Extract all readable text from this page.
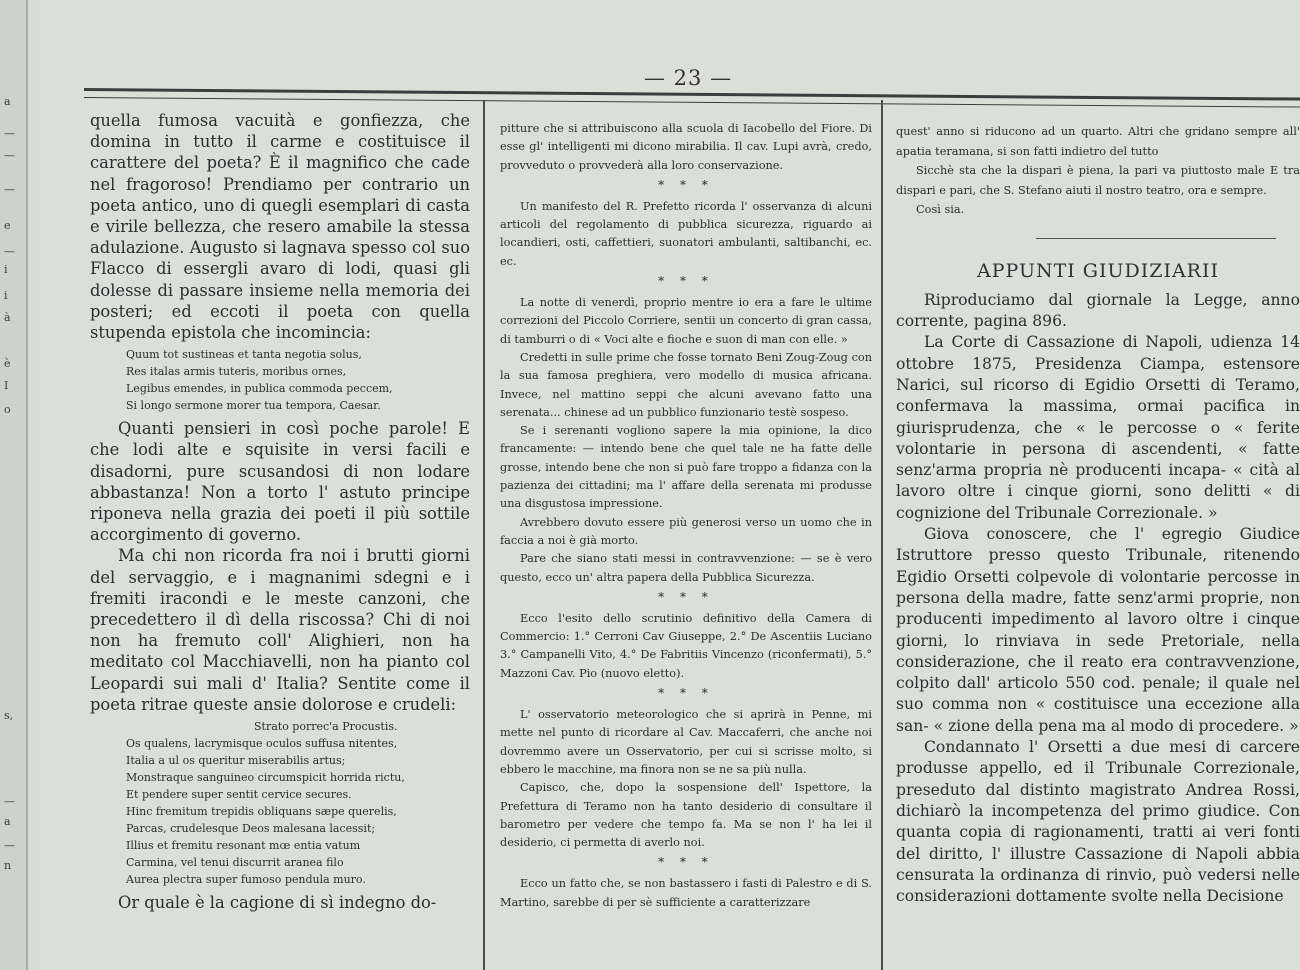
a
—
—
—
e
—
i
i
à
è
I
o
s,
—
a
—
n
— 23 —

quella fumosa vacuità e gonfiezza, che domina in tutto il carme e costituisce il carattere del poeta? È il magnifico che cade nel fragoroso! Prendiamo per contrario un poeta antico, uno di quegli esemplari di casta e virile bellezza, che resero amabile la stessa adulazione. Augusto si lagnava spesso col suo Flacco di essergli avaro di lodi, quasi gli dolesse di passare insieme nella memoria dei posteri; ed eccoti il poeta con quella stupenda epistola che incomincia:

Quum tot sustineas et tanta negotia solus,
Res italas armis tuteris, moribus ornes,
Legibus emendes, in publica commoda peccem,
Si longo sermone morer tua tempora, Caesar.

Quanti pensieri in così poche parole! E che lodi alte e squisite in versi facili e disadorni, pure scusandosi di non lodare abbastanza! Non a torto l' astuto principe riponeva nella grazia dei poeti il più sottile accorgimento di governo.

Ma chi non ricorda fra noi i brutti giorni del servaggio, e i magnanimi sdegni e i fremiti iracondi e le meste canzoni, che precedettero il dì della riscossa? Chi di noi non ha fremuto coll' Alighieri, non ha meditato col Macchiavelli, non ha pianto col Leopardi sui mali d' Italia? Sentite come il poeta ritrae queste ansie dolorose e crudeli:

Strato porrec'a Procustis.
Os qualens, lacrymisque oculos suffusa nitentes,
Italia a ul os queritur miserabilis artus;
Monstraque sanguineo circumspicit horrida rictu,
Et pendere super sentit cervice secures.
Hinc fremitum trepidis obliquans sæpe querelis,
Parcas, crudelesque Deos malesana lacessit;
Illius et fremitu resonant mœ entia vatum
Carmina, vel tenui discurrit aranea filo
Aurea plectra super fumoso pendula muro.

Or quale è la cagione di sì indegno do-

pitture che si attribuiscono alla scuola di Iacobello del Fiore. Di esse gl' intelligenti mi dicono mirabilia. Il cav. Lupi avrà, credo, provveduto o provvederà alla loro conservazione.

* * *

Un manifesto del R. Prefetto ricorda l' osservanza di alcuni articoli del regolamento di pubblica sicurezza, riguardo ai locandieri, osti, caffettieri, suonatori ambulanti, saltibanchi, ec. ec.

* * *

La notte di venerdì, proprio mentre io era a fare le ultime correzioni del Piccolo Corriere, sentii un concerto di gran cassa, di tamburri o di « Voci alte e fioche e suon di man con elle. »

Credetti in sulle prime che fosse tornato Beni Zoug-Zoug con la sua famosa preghiera, vero modello di musica africana. Invece, nel mattino seppi che alcuni avevano fatto una serenata... chinese ad un pubblico funzionario testè sospeso.

Se i serenanti vogliono sapere la mia opinione, la dico francamente: — intendo bene che quel tale ne ha fatte delle grosse, intendo bene che non si può fare troppo a fidanza con la pazienza dei cittadini; ma l' affare della serenata mi produsse una disgustosa impressione.

Avrebbero dovuto essere più generosi verso un uomo che in faccia a noi è già morto.

Pare che siano stati messi in contravvenzione: — se è vero questo, ecco un' altra papera della Pubblica Sicurezza.

* * *

Ecco l'esito dello scrutinio definitivo della Camera di Commercio: 1.° Cerroni Cav Giuseppe, 2.° De Ascentiis Luciano 3.° Campanelli Vito, 4.° De Fabritiis Vincenzo (riconfermati), 5.° Mazzoni Cav. Pio (nuovo eletto).

* * *

L' osservatorio meteorologico che si aprirà in Penne, mi mette nel punto di ricordare al Cav. Maccaferri, che anche noi dovremmo avere un Osservatorio, per cui si scrisse molto, si ebbero le macchine, ma finora non se ne sa più nulla.

Capisco, che, dopo la sospensione dell' Ispettore, la Prefettura di Teramo non ha tanto desiderio di consultare il barometro per vedere che tempo fa. Ma se non l' ha lei il desiderio, ci permetta di averlo noi.

* * *

Ecco un fatto che, se non bastassero i fasti di Palestro e di S. Martino, sarebbe di per sè sufficiente a caratterizzare

quest' anno si riducono ad un quarto. Altri che gridano sempre all' apatia teramana, si son fatti indietro del tutto

Sicchè sta che la dispari è piena, la pari va piuttosto male E tra dispari e pari, che S. Stefano aiuti il nostro teatro, ora e sempre.

Così sia.

APPUNTI GIUDIZIARII

Riproduciamo dal giornale la Legge, anno corrente, pagina 896.

La Corte di Cassazione di Napoli, udienza 14 ottobre 1875, Presidenza Ciampa, estensore Narici, sul ricorso di Egidio Orsetti di Teramo, confermava la massima, ormai pacifica in giurisprudenza, che « le percosse o « ferite volontarie in persona di ascendenti, « fatte senz'arma propria nè producenti incapa- « cità al lavoro oltre i cinque giorni, sono delitti « di cognizione del Tribunale Correzionale. »

Giova conoscere, che l' egregio Giudice Istruttore presso questo Tribunale, ritenendo Egidio Orsetti colpevole di volontarie percosse in persona della madre, fatte senz'armi proprie, non producenti impedimento al lavoro oltre i cinque giorni, lo rinviava in sede Pretoriale, nella considerazione, che il reato era contravvenzione, colpito dall' articolo 550 cod. penale; il quale nel suo comma non « costituisce una eccezione alla san- « zione della pena ma al modo di procedere. »

Condannato l' Orsetti a due mesi di carcere produsse appello, ed il Tribunale Correzionale, preseduto dal distinto magistrato Andrea Rossi, dichiarò la incompetenza del primo giudice. Con quanta copia di ragionamenti, tratti ai veri fonti del diritto, l' illustre Cassazione di Napoli abbia censurata la ordinanza di rinvio, può vedersi nelle considerazioni dottamente svolte nella Decisione
